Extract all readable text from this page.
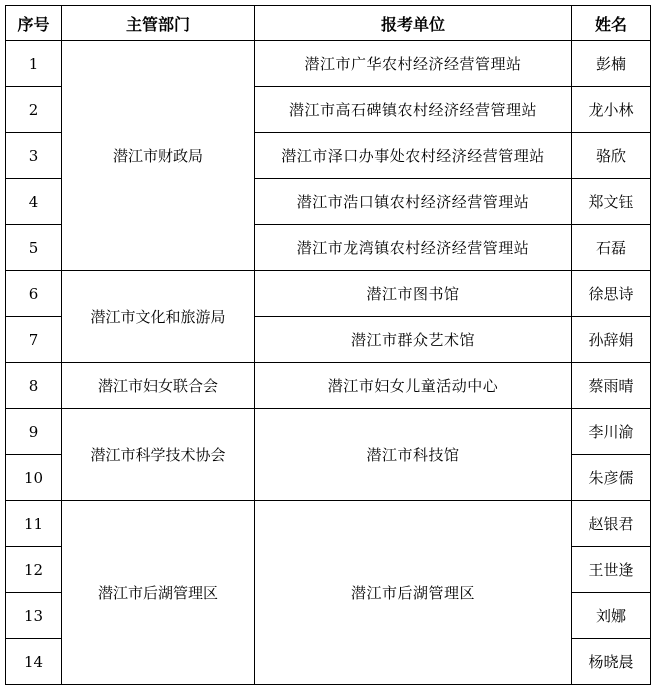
序号	主管部门	报考单位	姓名
1	潜江市财政局	潜江市广华农村经济经营管理站	彭楠
2		潜江市高石碑镇农村经济经营管理站	龙小林
3		潜江市泽口办事处农村经济经营管理站	骆欣
4		潜江市浩口镇农村经济经营管理站	郑文钰
5		潜江市龙湾镇农村经济经营管理站	石磊
6	潜江市文化和旅游局	潜江市图书馆	徐思诗
7		潜江市群众艺术馆	孙辞娟
8	潜江市妇女联合会	潜江市妇女儿童活动中心	蔡雨晴
9	潜江市科学技术协会	潜江市科技馆	李川渝
10			朱彦儒
11	潜江市后湖管理区	潜江市后湖管理区	赵银君
12			王世逢
13			刘娜
14			杨晓晨
